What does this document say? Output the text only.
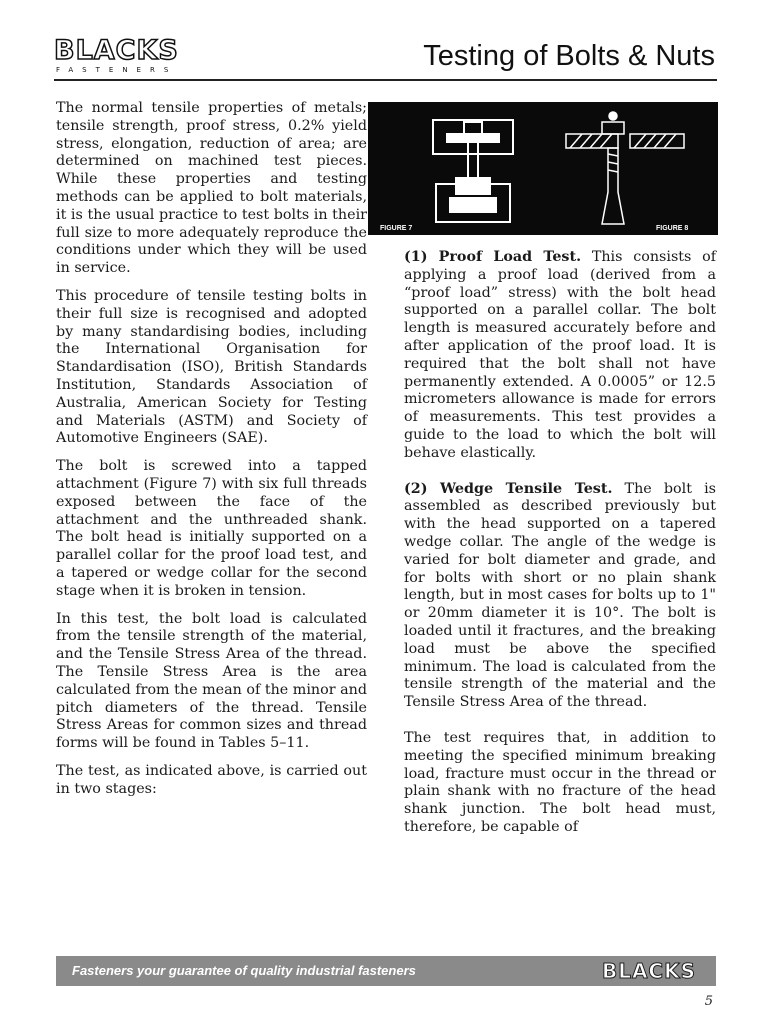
BLACKS
FASTENERS	Testing of Bolts & Nuts

The normal tensile properties of metals; tensile strength, proof stress, 0.2% yield stress, elongation, reduction of area; are determined on machined test pieces. While these properties and testing methods can be applied to bolt materials, it is the usual practice to test bolts in their full size to more adequately reproduce the conditions under which they will be used in service.

This procedure of tensile testing bolts in their full size is recognised and adopted by many standardising bodies, including the International Organisation for Standardisation (ISO), British Standards Institution, Standards Association of Australia, American Society for Testing and Materials (ASTM) and Society of Automotive Engineers (SAE).

The bolt is screwed into a tapped attachment (Figure 7) with six full threads exposed between the face of the attachment and the unthreaded shank. The bolt head is initially supported on a parallel collar for the proof load test, and a tapered or wedge collar for the second stage when it is broken in tension.

In this test, the bolt load is calculated from the tensile strength of the material, and the Tensile Stress Area of the thread. The Tensile Stress Area is the area calculated from the mean of the minor and pitch diameters of the thread. Tensile Stress Areas for common sizes and thread forms will be found in Tables 5–11.

The test, as indicated above, is carried out in two stages:

FIGURE 7	FIGURE 8

(1) Proof Load Test. This consists of applying a proof load (derived from a “proof load” stress) with the bolt head supported on a parallel collar. The bolt length is measured accurately before and after application of the proof load. It is required that the bolt shall not have permanently extended. A 0.0005” or 12.5 micrometers allowance is made for errors of measurements. This test provides a guide to the load to which the bolt will behave elastically.

(2) Wedge Tensile Test. The bolt is assembled as described previously but with the head supported on a tapered wedge collar. The angle of the wedge is varied for bolt diameter and grade, and for bolts with short or no plain shank length, but in most cases for bolts up to 1" or 20mm diameter it is 10°. The bolt is loaded until it fractures, and the breaking load must be above the specified minimum. The load is calculated from the tensile strength of the material and the Tensile Stress Area of the thread.

The test requires that, in addition to meeting the specified minimum breaking load, fracture must occur in the thread or plain shank with no fracture of the head shank junction. The bolt head must, therefore, be capable of

Fasteners your guarantee of quality industrial fasteners	BLACKS
5
